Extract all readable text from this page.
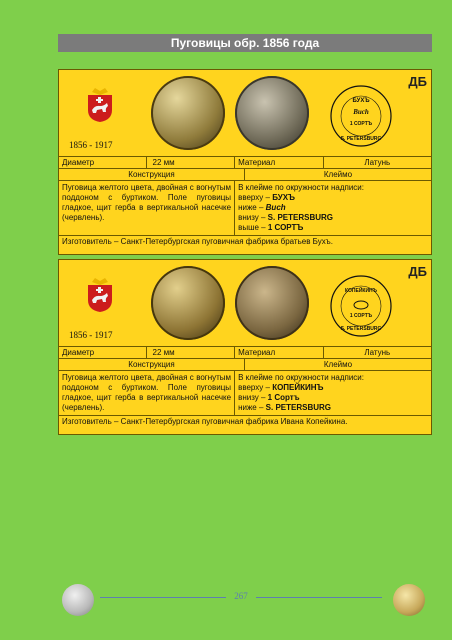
Пуговицы обр. 1856 года
1856 - 1917
БУХЪ
Buch
1 СОРТЪ
S. PETERSBURG
ДБ
Диаметр	22 мм	Материал	Латунь
Конструкция	Клеймо
Пуговица желтого цвета, двойная с вогнутым поддоном с буртиком. Поле пуговицы гладкое, щит герба в вертикальной насечке (червлень).
В клейме по окружности надписи:
вверху – БУХЪ
ниже – Buch
внизу – S. PETERSBURG
выше – 1 СОРТЪ
Изготовитель – Санкт-Петербургская пуговичная фабрика братьев Бухъ.
1856 - 1917
КОПЕЙКИНЪ
1 СОРТЪ
S. PETERSBURG
ДБ
Диаметр	22 мм	Материал	Латунь
Конструкция	Клеймо
Пуговица желтого цвета, двойная с вогнутым поддоном с буртиком. Поле пуговицы гладкое, щит герба в вертикальной насечке (червлень).
В клейме по окружности надписи:
вверху – КОПЕЙКИНЪ
внизу – 1 Сортъ
ниже – S. PETERSBURG
Изготовитель – Санкт-Петербургская пуговичная фабрика Ивана Копейкина.
267
